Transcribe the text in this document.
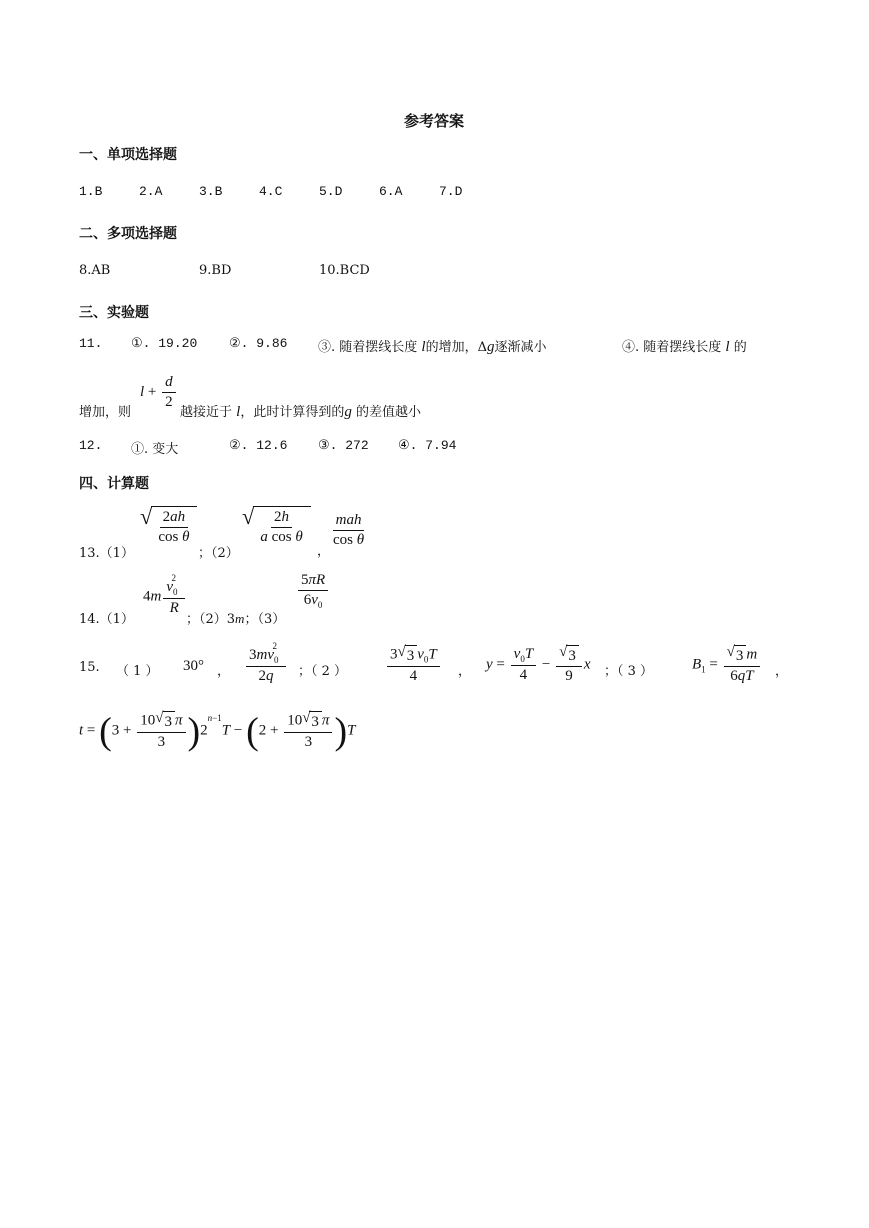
参考答案
一、单项选择题
1.B	2.A	3.B	4.C	5.D	6.A	7.D
二、多项选择题
8.AB	9.BD	10.BCD
三、实验题
11. ①. 19.20 ②. 9.86 ③. 随着摆线长度 l的增加，Δg逐渐减小	④. 随着摆线长度 l 的
增加，则
$l + \frac{d}{2}$
越接近于 l，此时计算得到的g 的差值越小
12. ①. 变大	②. 12.6 ③. 272 ④. 7.94
四、计算题
13.（1）
√ $\frac{2ah}{\text{cos θ}}$
；（2）
√ $\frac{2h}{\text{a cos θ}}$
，
$\frac{\text{mah}}{\text{cos θ}}$
14.（1）
$4m \frac{v_0^2}{R}$
；（2）3m；（3）
$\frac{5\pi R}{6v_0}$
15. （ 1 ） 30° ， $\frac{3mv_0^2}{2q}$ ；（ 2 ）	$\frac{3 √ 3 v_0T}{4}$ ， $y = \frac{v_0T}{4} - \frac{√ 3}{9}$ x ；（ 3 ）	$B_1 = \frac{√ 3 m}{6qT}$ ，
$t = (3 + \frac{10 √ 3 \pi}{3} )2^{n-1}T - (2 + \frac{10 √ 3 \pi}{3} )T$
